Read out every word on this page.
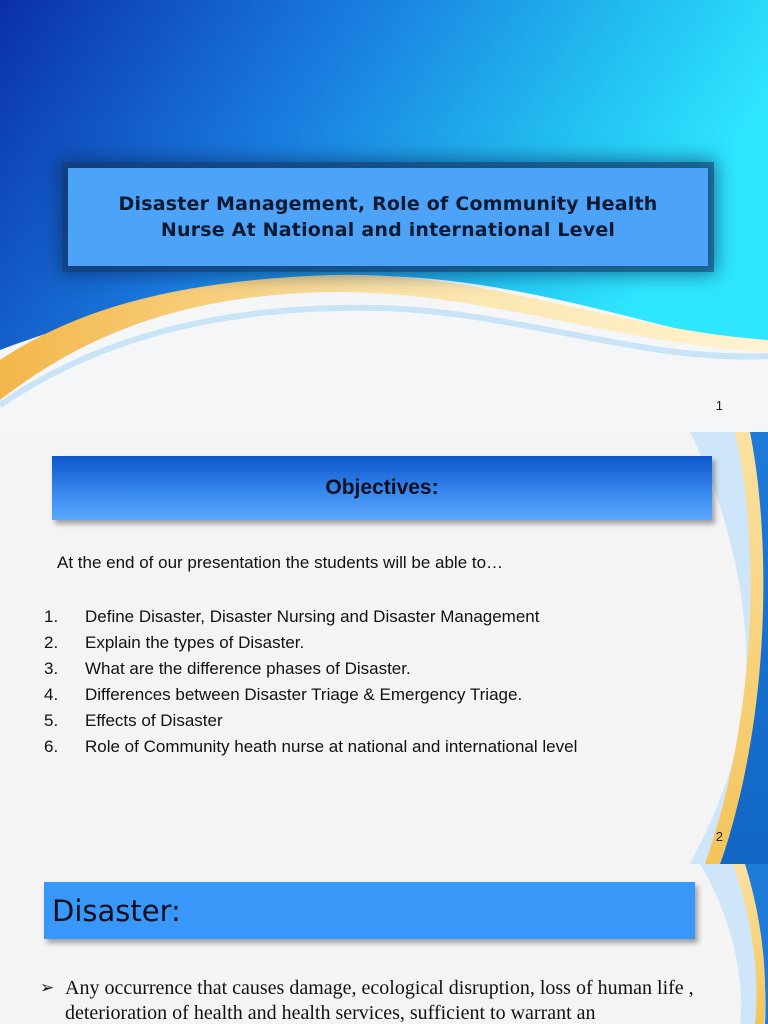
Disaster Management, Role of Community Health Nurse At National and international Level
1
Objectives:
At the end of our presentation the students will be able to…
1.	Define Disaster, Disaster Nursing and Disaster Management
2.	Explain the types of Disaster.
3.	What are the difference phases of Disaster.
4.	Differences between Disaster Triage & Emergency Triage.
5.	Effects of Disaster
6.	Role of Community heath nurse at national and international level
2
Disaster:
➢ Any occurrence that causes damage, ecological disruption, loss of human life , deterioration of health and health services, sufficient to warrant an
